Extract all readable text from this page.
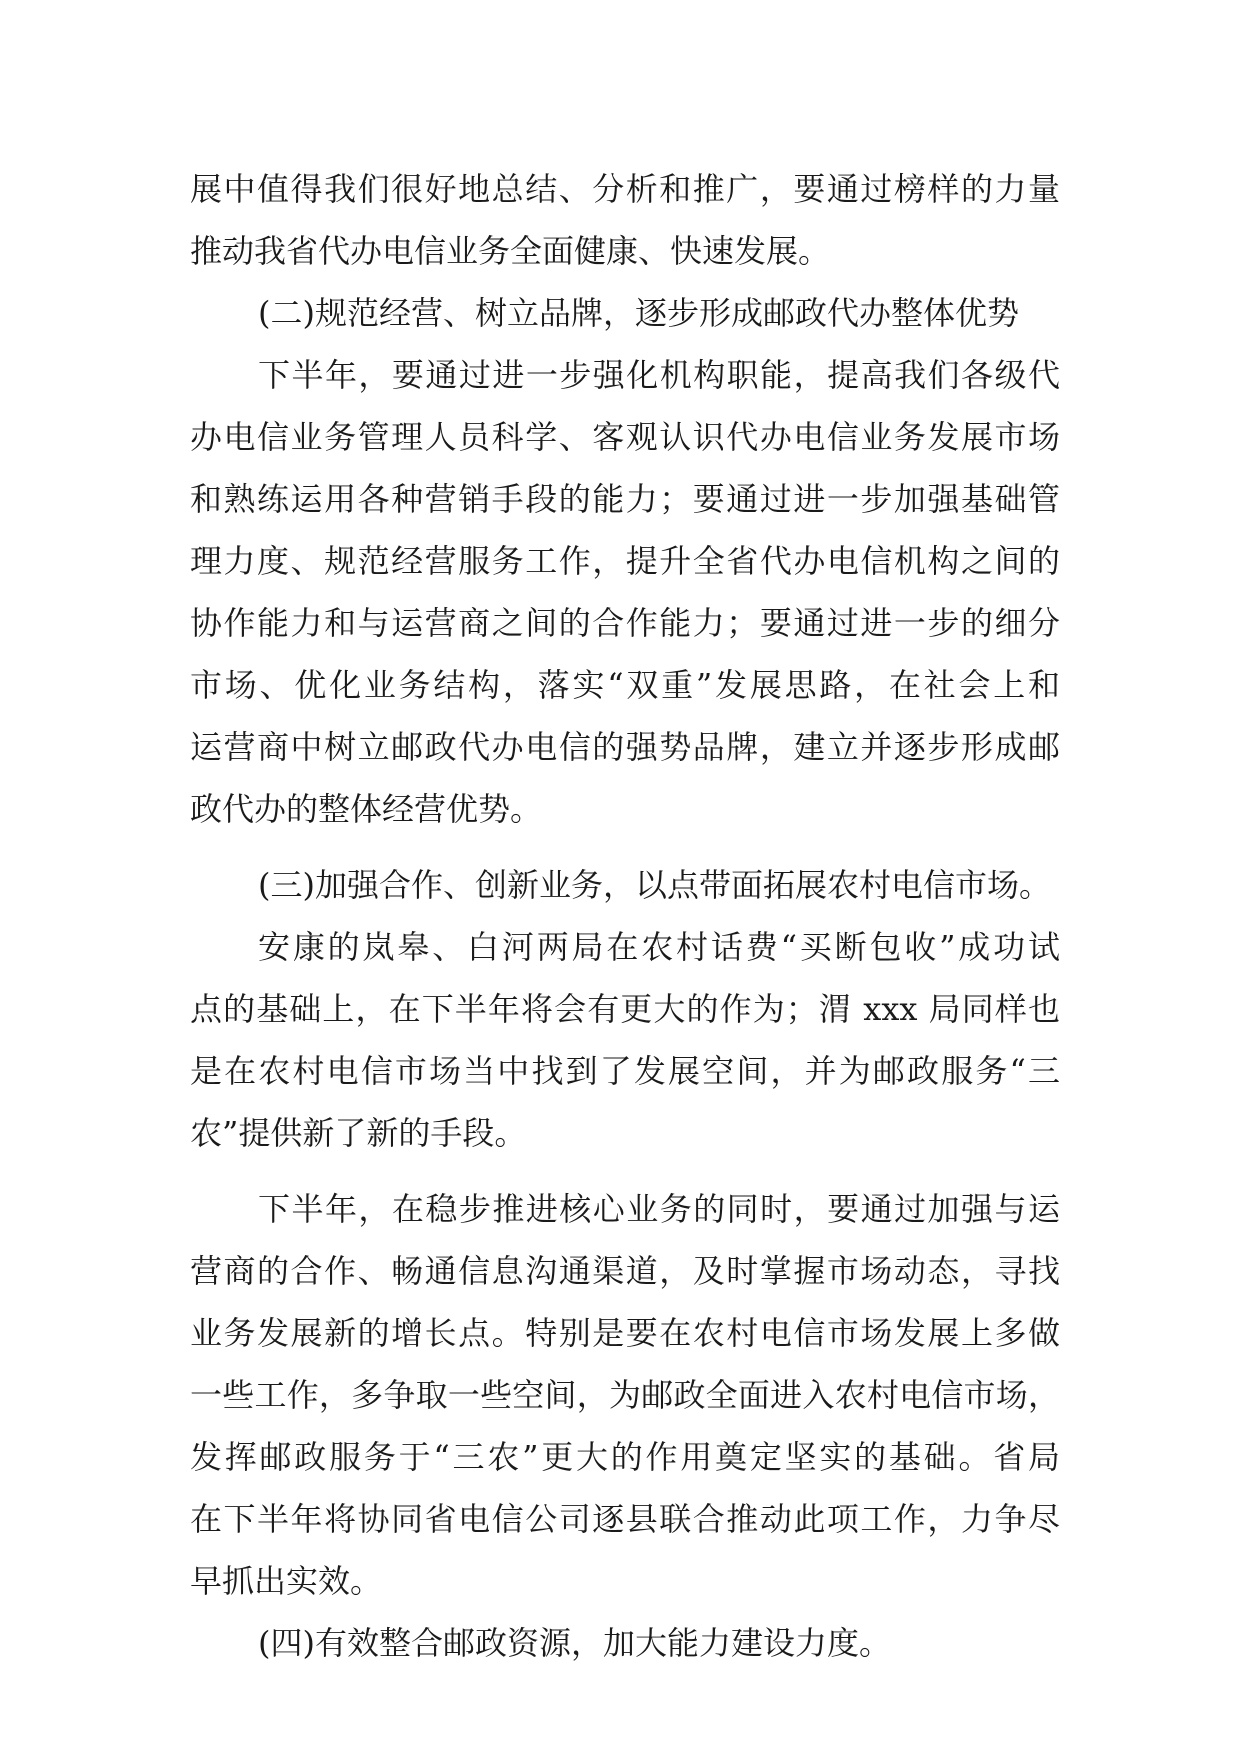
展中值得我们很好地总结、分析和推广，要通过榜样的力量
推动我省代办电信业务全面健康、快速发展。
(二)规范经营、树立品牌，逐步形成邮政代办整体优势
下半年，要通过进一步强化机构职能，提高我们各级代
办电信业务管理人员科学、客观认识代办电信业务发展市场
和熟练运用各种营销手段的能力；要通过进一步加强基础管
理力度、规范经营服务工作，提升全省代办电信机构之间的
协作能力和与运营商之间的合作能力；要通过进一步的细分
市场、优化业务结构，落实“双重”发展思路，在社会上和
运营商中树立邮政代办电信的强势品牌，建立并逐步形成邮
政代办的整体经营优势。
(三)加强合作、创新业务，以点带面拓展农村电信市场。
安康的岚皋、白河两局在农村话费“买断包收”成功试
点的基础上，在下半年将会有更大的作为；渭 xxx 局同样也
是在农村电信市场当中找到了发展空间，并为邮政服务“三
农”提供新了新的手段。
下半年，在稳步推进核心业务的同时，要通过加强与运
营商的合作、畅通信息沟通渠道，及时掌握市场动态，寻找
业务发展新的增长点。特别是要在农村电信市场发展上多做
一些工作，多争取一些空间，为邮政全面进入农村电信市场，
发挥邮政服务于“三农”更大的作用奠定坚实的基础。省局
在下半年将协同省电信公司逐县联合推动此项工作，力争尽
早抓出实效。
(四)有效整合邮政资源，加大能力建设力度。
